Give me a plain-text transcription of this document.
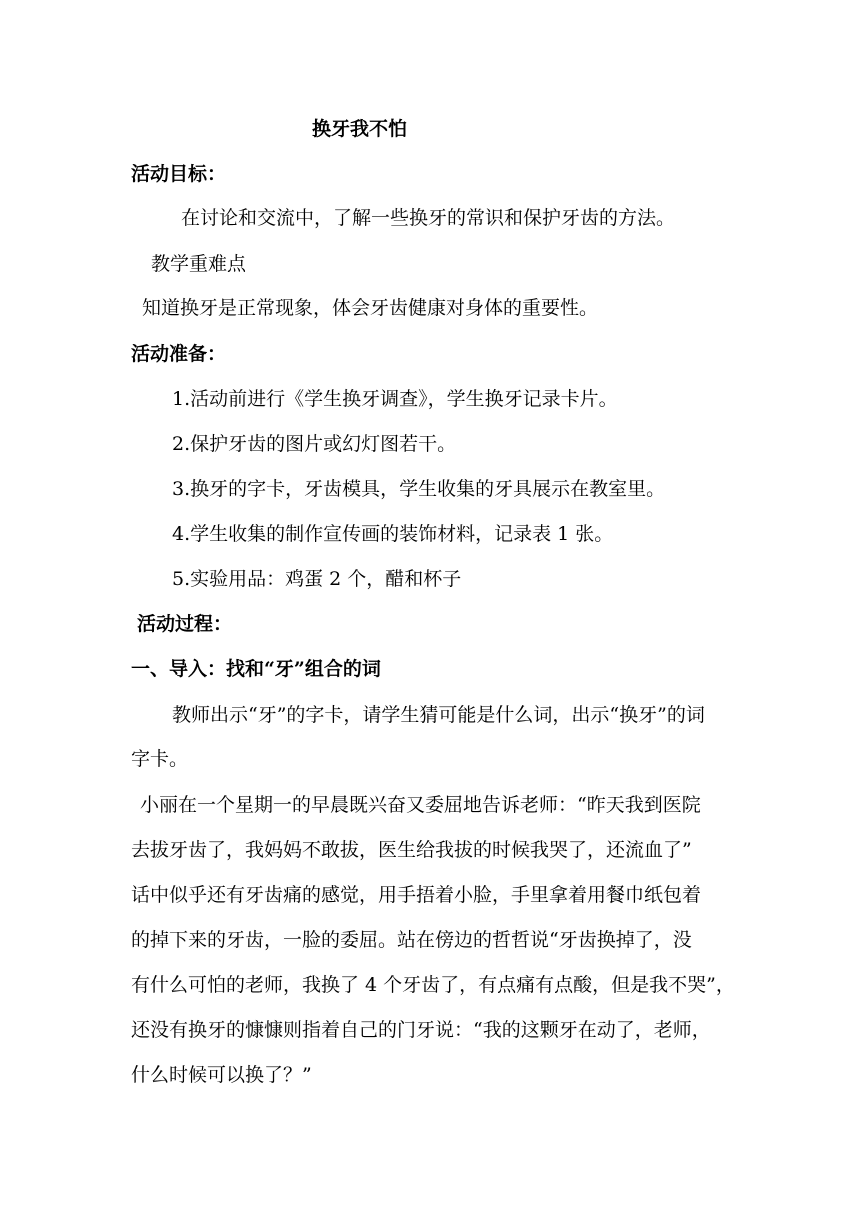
换牙我不怕
活动目标：
在讨论和交流中，了解一些换牙的常识和保护牙齿的方法。
教学重难点
知道换牙是正常现象，体会牙齿健康对身体的重要性。
活动准备：
1.活动前进行《学生换牙调查》，学生换牙记录卡片。
2.保护牙齿的图片或幻灯图若干。
3.换牙的字卡，牙齿模具，学生收集的牙具展示在教室里。
4.学生收集的制作宣传画的装饰材料，记录表 1 张。
5.实验用品：鸡蛋 2 个，醋和杯子
活动过程：
一、导入：找和“牙”组合的词
教师出示“牙”的字卡，请学生猜可能是什么词，出示“换牙”的词
字卡。
小丽在一个星期一的早晨既兴奋又委屈地告诉老师：“昨天我到医院
去拔牙齿了，我妈妈不敢拔，医生给我拔的时候我哭了，还流血了”
话中似乎还有牙齿痛的感觉，用手捂着小脸，手里拿着用餐巾纸包着
的掉下来的牙齿，一脸的委屈。站在傍边的哲哲说“牙齿换掉了，没
有什么可怕的老师，我换了 4 个牙齿了，有点痛有点酸，但是我不哭”，
还没有换牙的慷慷则指着自己的门牙说：“我的这颗牙在动了，老师，
什么时候可以换了？”
